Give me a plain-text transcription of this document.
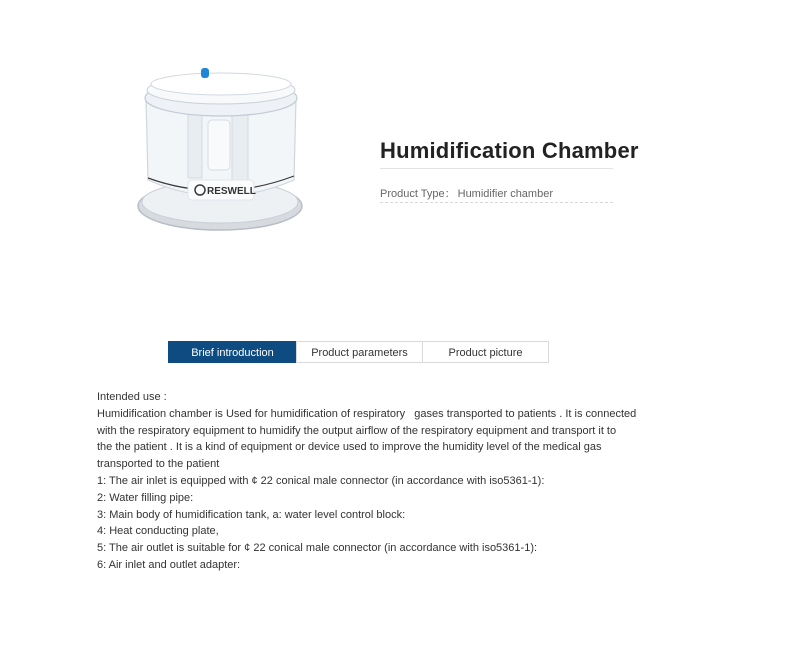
RESWELL
Humidification Chamber
Product Type： Humidifier chamber
Brief introduction	Product parameters	Product picture

Intended use :

Humidification chamber is Used for humidification of respiratory   gases transported to patients . It is connected

with the respiratory equipment to humidify the output airflow of the respiratory equipment and transport it to

the the patient . It is a kind of equipment or device used to improve the humidity level of the medical gas

transported to the patient

1: The air inlet is equipped with ¢ 22 conical male connector (in accordance with iso5361-1):

2: Water filling pipe:

3: Main body of humidification tank, a: water level control block:

4: Heat conducting plate,

5: The air outlet is suitable for ¢ 22 conical male connector (in accordance with iso5361-1):

6: Air inlet and outlet adapter:
